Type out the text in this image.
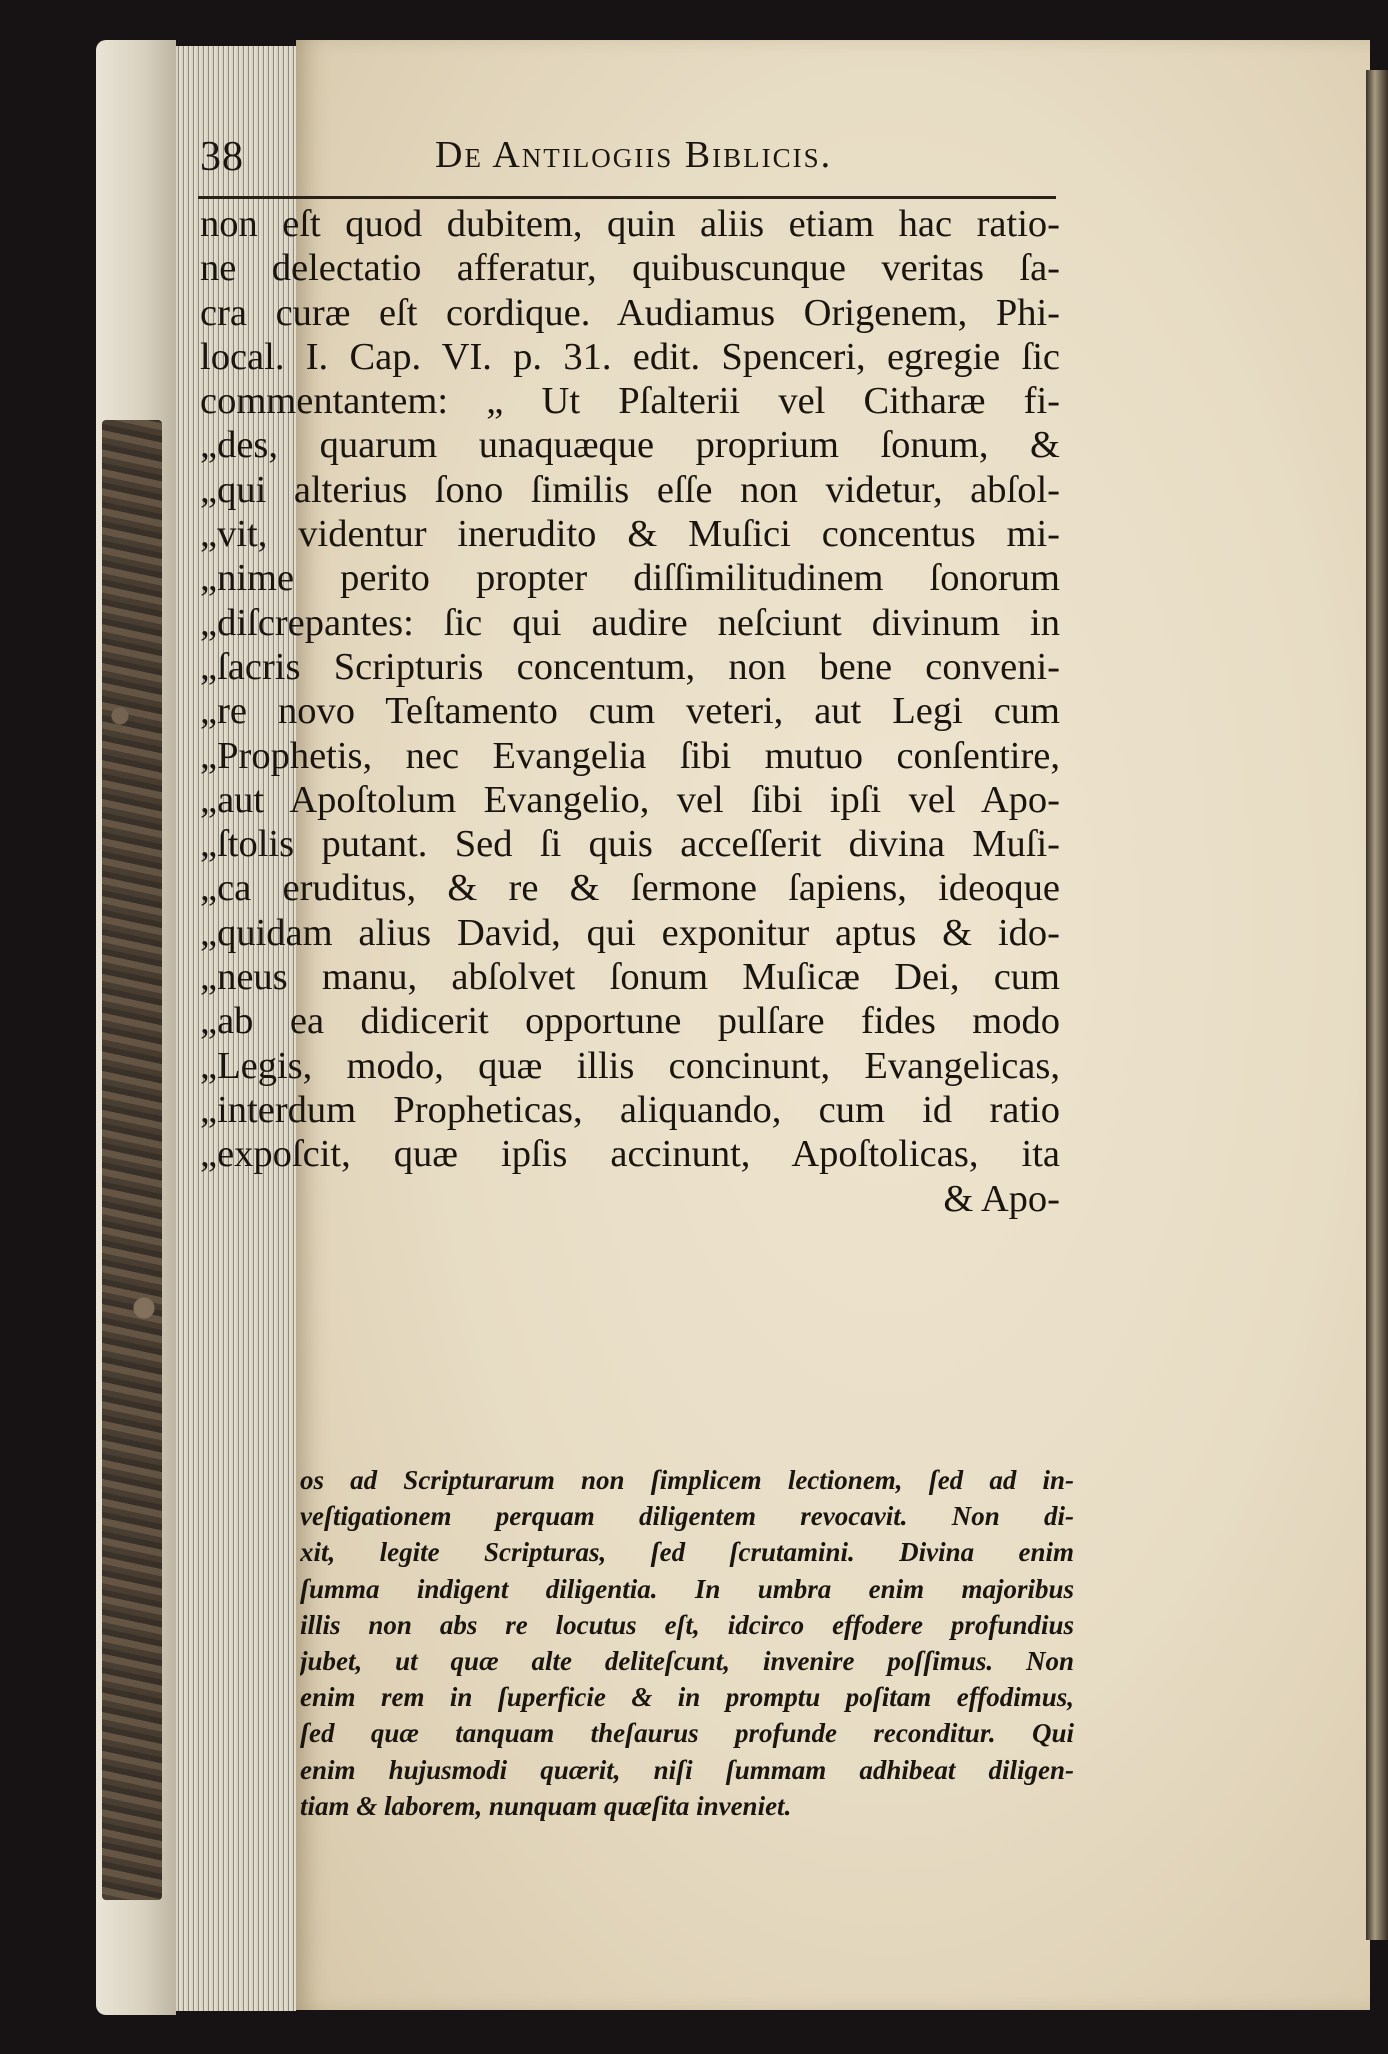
38	De Antilogiis Biblicis.
non eſt quod dubitem, quin aliis etiam hac ratio-
ne delectatio afferatur, quibuscunque veritas ſa-
cra curæ eſt cordique. Audiamus Origenem, Phi-
local. I. Cap. VI. p. 31. edit. Spenceri, egregie ſic
commentantem: „ Ut Pſalterii vel Citharæ fi-
„des, quarum unaquæque proprium ſonum, &
„qui alterius ſono ſimilis eſſe non videtur, abſol-
„vit, videntur inerudito & Muſici concentus mi-
„nime perito propter diſſimilitudinem ſonorum
„diſcrepantes: ſic qui audire neſciunt divinum in
„ſacris Scripturis concentum, non bene conveni-
„re novo Teſtamento cum veteri, aut Legi cum
„Prophetis, nec Evangelia ſibi mutuo conſentire,
„aut Apoſtolum Evangelio, vel ſibi ipſi vel Apo-
„ſtolis putant. Sed ſi quis acceſſerit divina Muſi-
„ca eruditus, & re & ſermone ſapiens, ideoque
„quidam alius David, qui exponitur aptus & ido-
„neus manu, abſolvet ſonum Muſicæ Dei, cum
„ab ea didicerit opportune pulſare fides modo
„Legis, modo, quæ illis concinunt, Evangelicas,
„interdum Propheticas, aliquando, cum id ratio
„expoſcit, quæ ipſis accinunt, Apoſtolicas, ita
& Apo-
os ad Scripturarum non ſimplicem lectionem, ſed ad in-
veſtigationem perquam diligentem revocavit. Non di-
xit, legite Scripturas, ſed ſcrutamini. Divina enim
ſumma indigent diligentia. In umbra enim majoribus
illis non abs re locutus eſt, idcirco effodere profundius
jubet, ut quæ alte deliteſcunt, invenire poſſimus. Non
enim rem in ſuperficie & in promptu poſitam effodimus,
ſed quæ tanquam theſaurus profunde reconditur. Qui
enim hujusmodi quærit, niſi ſummam adhibeat diligen-
tiam & laborem, nunquam quæſita inveniet.
